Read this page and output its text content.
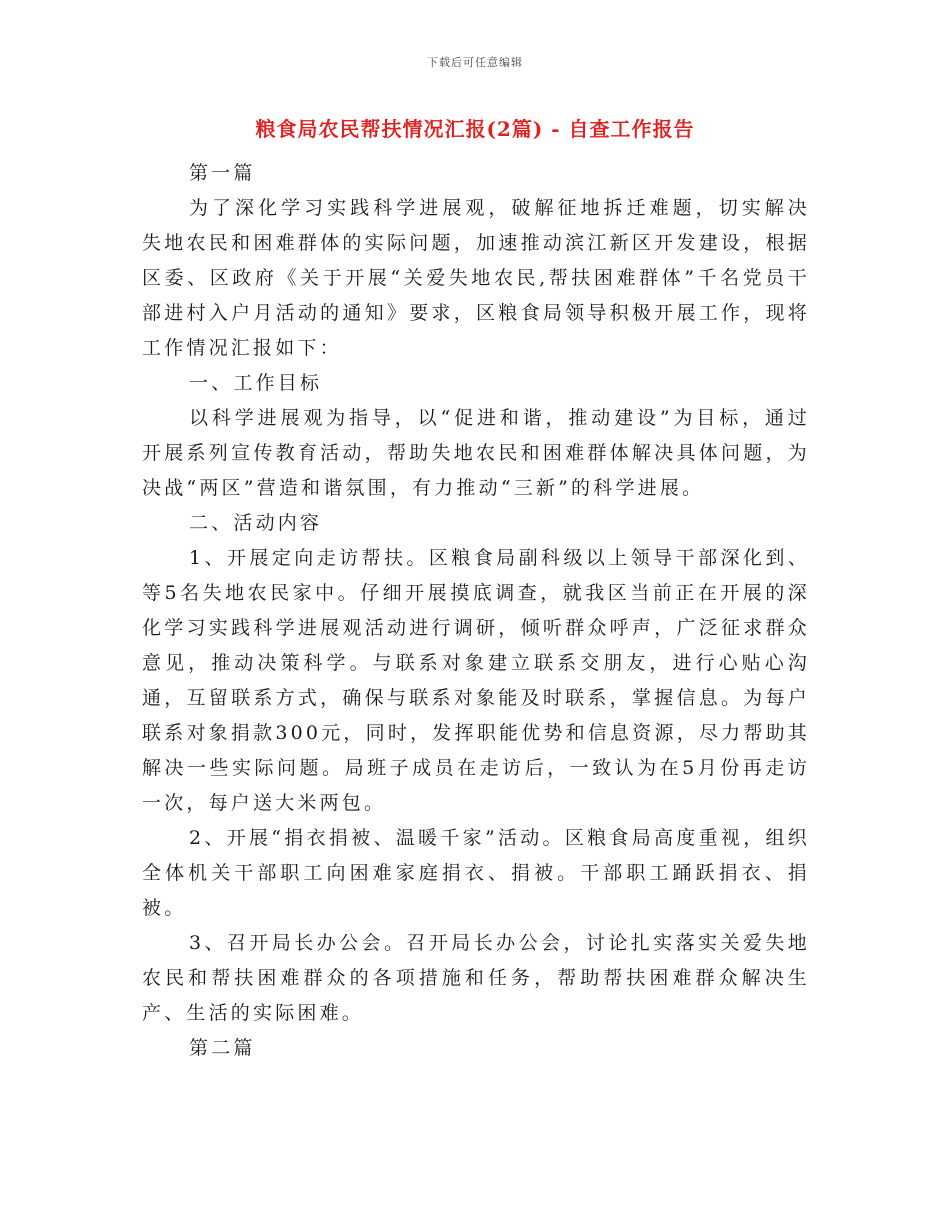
下载后可任意编辑
粮食局农民帮扶情况汇报(2篇) - 自查工作报告

第一篇

为了深化学习实践科学进展观，破解征地拆迁难题，切实解决失地农民和困难群体的实际问题，加速推动滨江新区开发建设，根据区委、区政府《关于开展“关爱失地农民,帮扶困难群体”千名党员干部进村入户月活动的通知》要求，区粮食局领导积极开展工作，现将工作情况汇报如下：

一、工作目标

以科学进展观为指导，以“促进和谐，推动建设”为目标，通过开展系列宣传教育活动，帮助失地农民和困难群体解决具体问题，为决战“两区”营造和谐氛围，有力推动“三新”的科学进展。

二、活动内容

1、开展定向走访帮扶。区粮食局副科级以上领导干部深化到、等5名失地农民家中。仔细开展摸底调查，就我区当前正在开展的深化学习实践科学进展观活动进行调研，倾听群众呼声，广泛征求群众意见，推动决策科学。与联系对象建立联系交朋友，进行心贴心沟通，互留联系方式，确保与联系对象能及时联系，掌握信息。为每户联系对象捐款300元，同时，发挥职能优势和信息资源，尽力帮助其解决一些实际问题。局班子成员在走访后，一致认为在5月份再走访一次，每户送大米两包。

2、开展“捐衣捐被、温暖千家”活动。区粮食局高度重视，组织全体机关干部职工向困难家庭捐衣、捐被。干部职工踊跃捐衣、捐被。

3、召开局长办公会。召开局长办公会，讨论扎实落实关爱失地农民和帮扶困难群众的各项措施和任务，帮助帮扶困难群众解决生产、生活的实际困难。

第二篇
